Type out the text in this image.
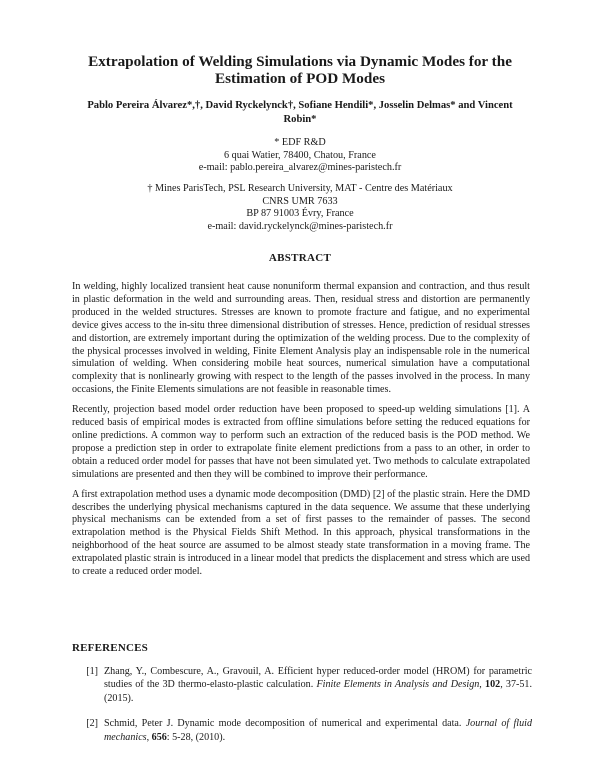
Extrapolation of Welding Simulations via Dynamic Modes for the Estimation of POD Modes
Pablo Pereira Álvarez*,†, David Ryckelynck†, Sofiane Hendili*, Josselin Delmas* and Vincent Robin*
* EDF R&D
6 quai Watier, 78400, Chatou, France
e-mail: pablo.pereira_alvarez@mines-paristech.fr
† Mines ParisTech, PSL Research University, MAT - Centre des Matériaux
CNRS UMR 7633
BP 87 91003 Évry, France
e-mail: david.ryckelynck@mines-paristech.fr
ABSTRACT

In welding, highly localized transient heat cause nonuniform thermal expansion and contraction, and thus result in plastic deformation in the weld and surrounding areas. Then, residual stress and distortion are permanently produced in the welded structures. Stresses are known to promote fracture and fatigue, and no experimental device gives access to the in-situ three dimensional distribution of stresses. Hence, prediction of residual stresses and distortion, are extremely important during the optimization of the welding process. Due to the complexity of the physical processes involved in welding, Finite Element Analysis play an indispensable role in the numerical simulation of welding. When considering mobile heat sources, numerical simulation have a computational complexity that is nonlinearly growing with respect to the length of the passes involved in the process. In many occasions, the Finite Elements simulations are not feasible in reasonable times.

Recently, projection based model order reduction have been proposed to speed-up welding simulations [1]. A reduced basis of empirical modes is extracted from offline simulations before setting the reduced equations for online predictions. A common way to perform such an extraction of the reduced basis is the POD method. We propose a prediction step in order to extrapolate finite element predictions from a pass to an other, in order to obtain a reduced order model for passes that have not been simulated yet. Two methods to calculate extrapolated simulations are presented and then they will be combined to improve their performance.

A first extrapolation method uses a dynamic mode decomposition (DMD) [2] of the plastic strain. Here the DMD describes the underlying physical mechanisms captured in the data sequence. We assume that these underlying physical mechanisms can be extended from a set of first passes to the remainder of passes. The second extrapolation method is the Physical Fields Shift Method. In this approach, physical transformations in the neighborhood of the heat source are assumed to be almost steady state transformation in a moving frame. The extrapolated plastic strain is introduced in a linear model that predicts the displacement and stress which are used to create a reduced order model.

REFERENCES
[1] Zhang, Y., Combescure, A., Gravouil, A. Efficient hyper reduced-order model (HROM) for parametric studies of the 3D thermo-elasto-plastic calculation. Finite Elements in Analysis and Design, 102, 37-51. (2015).
[2] Schmid, Peter J. Dynamic mode decomposition of numerical and experimental data. Journal of fluid mechanics, 656: 5-28, (2010).
